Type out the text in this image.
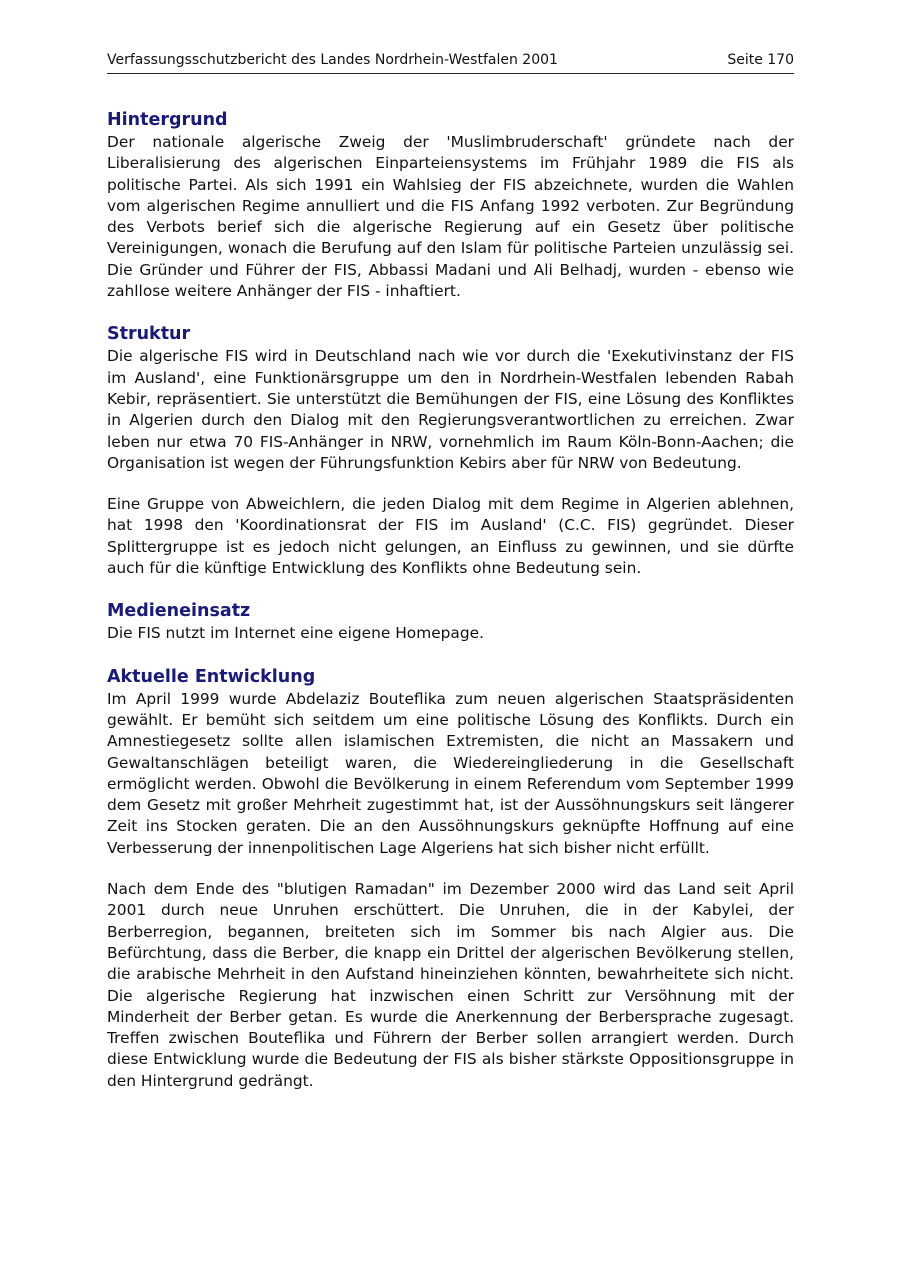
Verfassungsschutzbericht des Landes Nordrhein-Westfalen 2001	Seite 170
Hintergrund

Der nationale algerische Zweig der 'Muslimbruderschaft' gründete nach der Liberalisierung des algerischen Einparteiensystems im Frühjahr 1989 die FIS als politische Partei. Als sich 1991 ein Wahlsieg der FIS abzeichnete, wurden die Wahlen vom algerischen Regime annulliert und die FIS Anfang 1992 verboten. Zur Begründung des Verbots berief sich die algerische Regierung auf ein Gesetz über politische Vereinigungen, wonach die Berufung auf den Islam für politische Parteien unzulässig sei. Die Gründer und Führer der FIS, Abbassi Madani und Ali Belhadj, wurden - ebenso wie zahllose weitere Anhänger der FIS - inhaftiert.

Struktur

Die algerische FIS wird in Deutschland nach wie vor durch die 'Exekutivinstanz der FIS im Ausland', eine Funktionärsgruppe um den in Nordrhein-Westfalen lebenden Rabah Kebir, repräsentiert. Sie unterstützt die Bemühungen der FIS, eine Lösung des Konfliktes in Algerien durch den Dialog mit den Regierungsverantwortlichen zu erreichen. Zwar leben nur etwa 70 FIS-Anhänger in NRW, vornehmlich im Raum Köln-Bonn-Aachen; die Organisation ist wegen der Führungsfunktion Kebirs aber für NRW von Bedeutung.

Eine Gruppe von Abweichlern, die jeden Dialog mit dem Regime in Algerien ablehnen, hat 1998 den 'Koordinationsrat der FIS im Ausland' (C.C. FIS) gegründet. Dieser Splittergruppe ist es jedoch nicht gelungen, an Einfluss zu gewinnen, und sie dürfte auch für die künftige Entwicklung des Konflikts ohne Bedeutung sein.

Medieneinsatz

Die FIS nutzt im Internet eine eigene Homepage.

Aktuelle Entwicklung

Im April 1999 wurde Abdelaziz Bouteflika zum neuen algerischen Staatspräsidenten gewählt. Er bemüht sich seitdem um eine politische Lösung des Konflikts. Durch ein Amnestiegesetz sollte allen islamischen Extremisten, die nicht an Massakern und Gewaltanschlägen beteiligt waren, die Wiedereingliederung in die Gesellschaft ermöglicht werden. Obwohl die Bevölkerung in einem Referendum vom September 1999 dem Gesetz mit großer Mehrheit zugestimmt hat, ist der Aussöhnungskurs seit längerer Zeit ins Stocken geraten. Die an den Aussöhnungskurs geknüpfte Hoffnung auf eine Verbesserung der innenpolitischen Lage Algeriens hat sich bisher nicht erfüllt.

Nach dem Ende des "blutigen Ramadan" im Dezember 2000 wird das Land seit April 2001 durch neue Unruhen erschüttert. Die Unruhen, die in der Kabylei, der Berberregion, begannen, breiteten sich im Sommer bis nach Algier aus. Die Befürchtung, dass die Berber, die knapp ein Drittel der algerischen Bevölkerung stellen, die arabische Mehrheit in den Aufstand hineinziehen könnten, bewahrheitete sich nicht. Die algerische Regierung hat inzwischen einen Schritt zur Versöhnung mit der Minderheit der Berber getan. Es wurde die Anerkennung der Berbersprache zugesagt. Treffen zwischen Bouteflika und Führern der Berber sollen arrangiert werden. Durch diese Entwicklung wurde die Bedeutung der FIS als bisher stärkste Oppositionsgruppe in den Hintergrund gedrängt.
